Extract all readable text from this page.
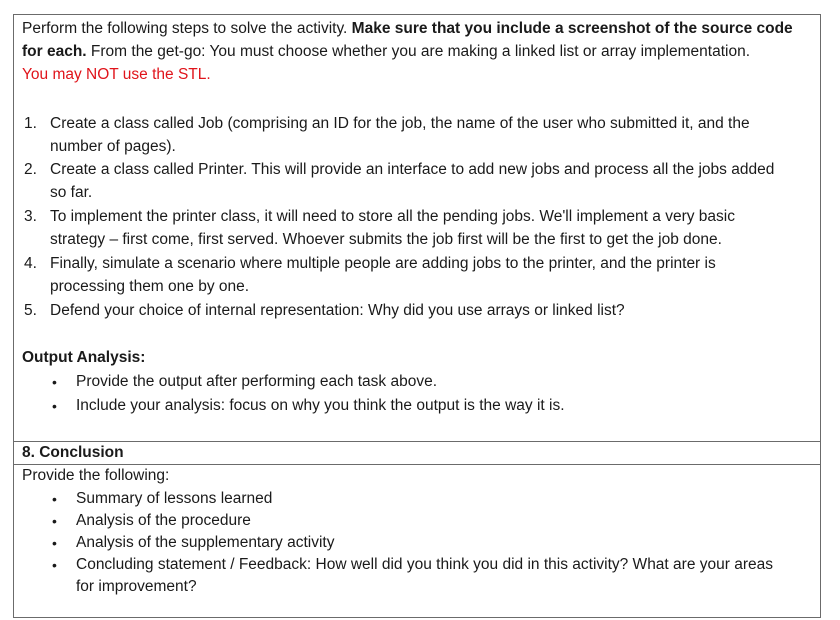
Perform the following steps to solve the activity. Make sure that you include a screenshot of the source code
for each. From the get-go: You must choose whether you are making a linked list or array implementation.
You may NOT use the STL.
1. Create a class called Job (comprising an ID for the job, the name of the user who submitted it, and the
number of pages).
2. Create a class called Printer. This will provide an interface to add new jobs and process all the jobs added
so far.
3. To implement the printer class, it will need to store all the pending jobs. We'll implement a very basic
strategy – first come, first served. Whoever submits the job first will be the first to get the job done.
4. Finally, simulate a scenario where multiple people are adding jobs to the printer, and the printer is
processing them one by one.
5. Defend your choice of internal representation: Why did you use arrays or linked list?
Output Analysis:
• Provide the output after performing each task above.
• Include your analysis: focus on why you think the output is the way it is.
8. Conclusion
Provide the following:
• Summary of lessons learned
• Analysis of the procedure
• Analysis of the supplementary activity
• Concluding statement / Feedback: How well did you think you did in this activity? What are your areas
for improvement?
